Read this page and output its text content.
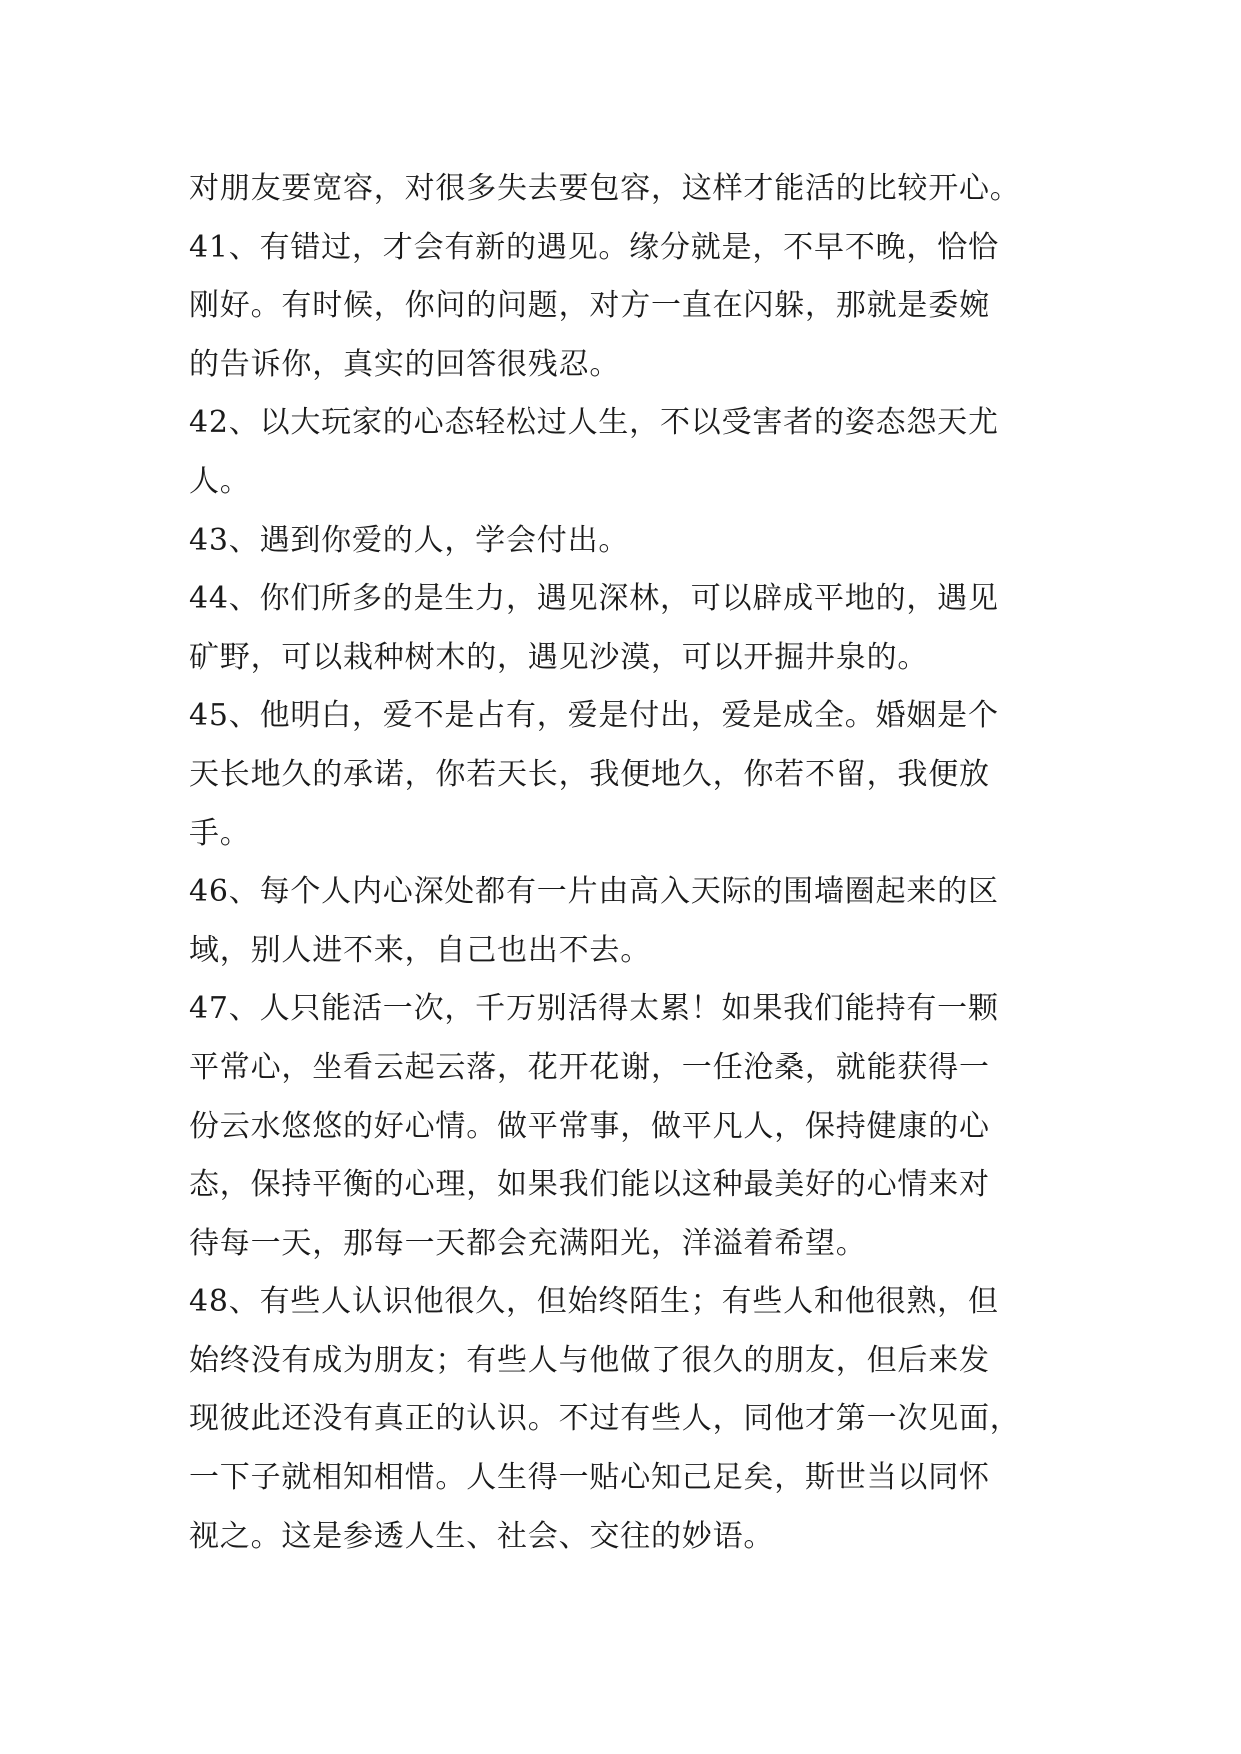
对朋友要宽容，对很多失去要包容，这样才能活的比较开心。
41、有错过，才会有新的遇见。缘分就是，不早不晚，恰恰
刚好。有时候，你问的问题，对方一直在闪躲，那就是委婉
的告诉你，真实的回答很残忍。
42、以大玩家的心态轻松过人生，不以受害者的姿态怨天尤
人。
43、遇到你爱的人，学会付出。
44、你们所多的是生力，遇见深林，可以辟成平地的，遇见
矿野，可以栽种树木的，遇见沙漠，可以开掘井泉的。
45、他明白，爱不是占有，爱是付出，爱是成全。婚姻是个
天长地久的承诺，你若天长，我便地久，你若不留，我便放
手。
46、每个人内心深处都有一片由高入天际的围墙圈起来的区
域，别人进不来，自己也出不去。
47、人只能活一次，千万别活得太累！如果我们能持有一颗
平常心，坐看云起云落，花开花谢，一任沧桑，就能获得一
份云水悠悠的好心情。做平常事，做平凡人，保持健康的心
态，保持平衡的心理，如果我们能以这种最美好的心情来对
待每一天，那每一天都会充满阳光，洋溢着希望。
48、有些人认识他很久，但始终陌生；有些人和他很熟，但
始终没有成为朋友；有些人与他做了很久的朋友，但后来发
现彼此还没有真正的认识。不过有些人，同他才第一次见面，
一下子就相知相惜。人生得一贴心知己足矣，斯世当以同怀
视之。这是参透人生、社会、交往的妙语。
